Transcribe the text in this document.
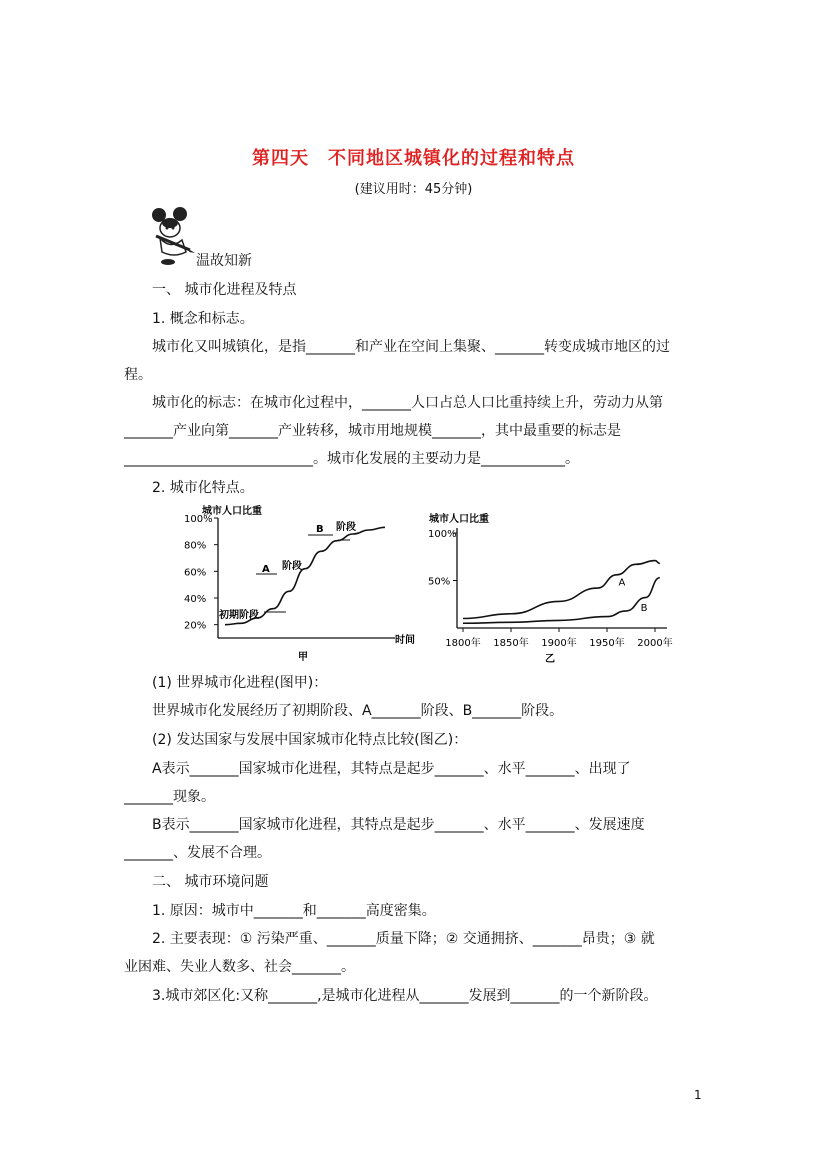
第四天　不同地区城镇化的过程和特点
(建议用时：45分钟)
温故知新
一、 城市化进程及特点
1. 概念和标志。
城市化又叫城镇化，是指_______和产业在空间上集聚、_______转变成城市地区的过
程。
城市化的标志：在城市化过程中，_______人口占总人口比重持续上升，劳动力从第
_______产业向第_______产业转移，城市用地规模_______，其中最重要的标志是
___________________________。城市化发展的主要动力是____________。
2. 城市化特点。
城市人口比重
100%
80%
60%
40%
20%
初期阶段
A 阶段
B 阶段
时间
甲
城市人口比重
100%
50%
1800年 1850年 1900年 1950年 2000年
A
B
乙
(1) 世界城市化进程(图甲)：
世界城市化发展经历了初期阶段、A_______阶段、B_______阶段。
(2) 发达国家与发展中国家城市化特点比较(图乙)：
A表示_______国家城市化进程，其特点是起步_______、水平_______、出现了
_______现象。
B表示_______国家城市化进程，其特点是起步_______、水平_______、发展速度
_______、发展不合理。
二、 城市环境问题
1. 原因：城市中_______和_______高度密集。
2. 主要表现：① 污染严重、_______质量下降；② 交通拥挤、_______昂贵；③ 就
业困难、失业人数多、社会_______。
3.城市郊区化:又称_______,是城市化进程从_______发展到_______的一个新阶段。
1
